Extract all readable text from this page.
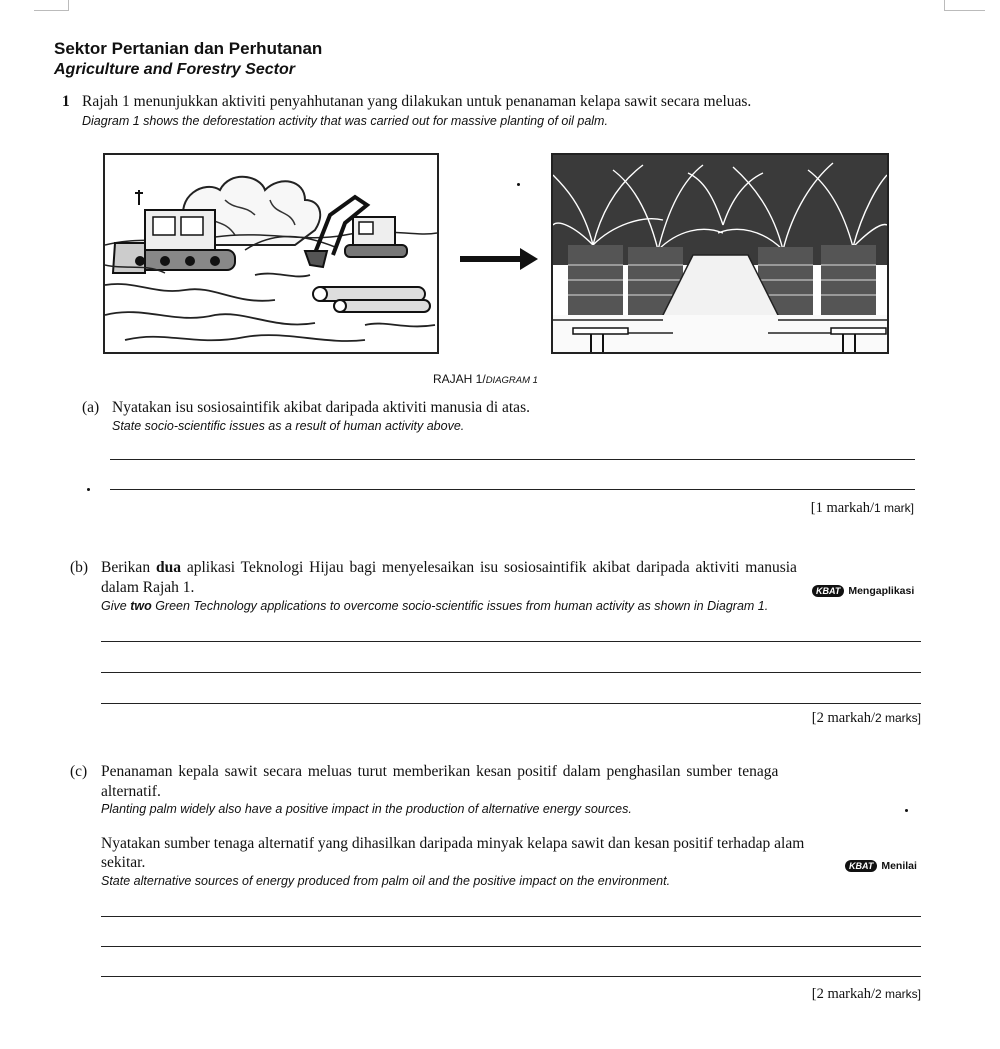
Sektor Pertanian dan Perhutanan
Agriculture and Forestry Sector
1 Rajah 1 menunjukkan aktiviti penyahhutanan yang dilakukan untuk penanaman kelapa sawit secara meluas.
Diagram 1 shows the deforestation activity that was carried out for massive planting of oil palm.
RAJAH 1/DIAGRAM 1
(a) Nyatakan isu sosiosaintifik akibat daripada aktiviti manusia di atas.
State socio-scientific issues as a result of human activity above.
[1 markah/1 mark]
(b) Berikan dua aplikasi Teknologi Hijau bagi menyelesaikan isu sosiosaintifik akibat daripada aktiviti manusia
dalam Rajah 1.	KBAT Mengaplikasi
Give two Green Technology applications to overcome socio-scientific issues from human activity as shown in Diagram 1.
[2 markah/2 marks]
(c) Penanaman kepala sawit secara meluas turut memberikan kesan positif dalam penghasilan sumber tenaga
alternatif.
Planting palm widely also have a positive impact in the production of alternative energy sources.
Nyatakan sumber tenaga alternatif yang dihasilkan daripada minyak kelapa sawit dan kesan positif terhadap alam
sekitar.	KBAT Menilai
State alternative sources of energy produced from palm oil and the positive impact on the environment.
[2 markah/2 marks]
